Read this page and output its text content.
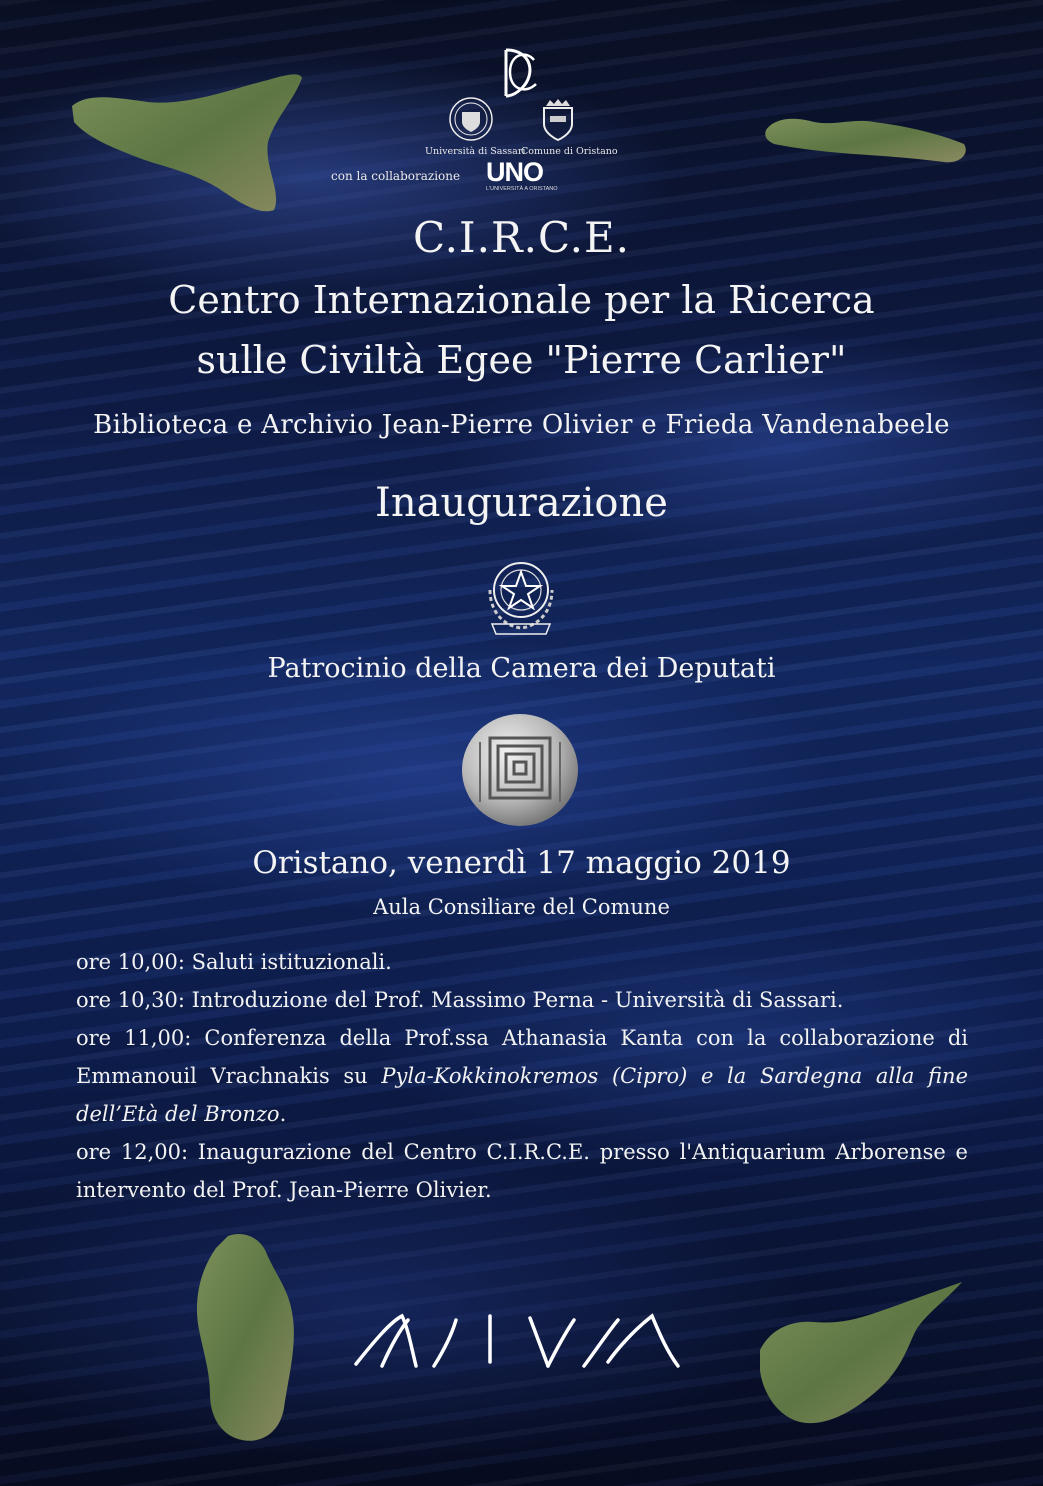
Università di Sassari
Comune di Oristano
con la collaborazione UNO
L'UNIVERSITÀ A ORISTANO
C.I.R.C.E.
Centro Internazionale per la Ricerca
sulle Civiltà Egee "Pierre Carlier"
Biblioteca e Archivio Jean-Pierre Olivier e Frieda Vandenabeele
Inaugurazione
Patrocinio della Camera dei Deputati
Oristano, venerdì 17 maggio 2019
Aula Consiliare del Comune

ore 10,00: Saluti istituzionali.

ore 10,30: Introduzione del Prof. Massimo Perna - Università di Sassari.

ore 11,00: Conferenza della Prof.ssa Athanasia Kanta con la collaborazione di Emmanouil Vrachnakis su Pyla-Kokkinokremos (Cipro) e la Sardegna alla fine dell’Età del Bronzo.

ore 12,00: Inaugurazione del Centro C.I.R.C.E. presso l'Antiquarium Arborense e intervento del Prof. Jean-Pierre Olivier.
